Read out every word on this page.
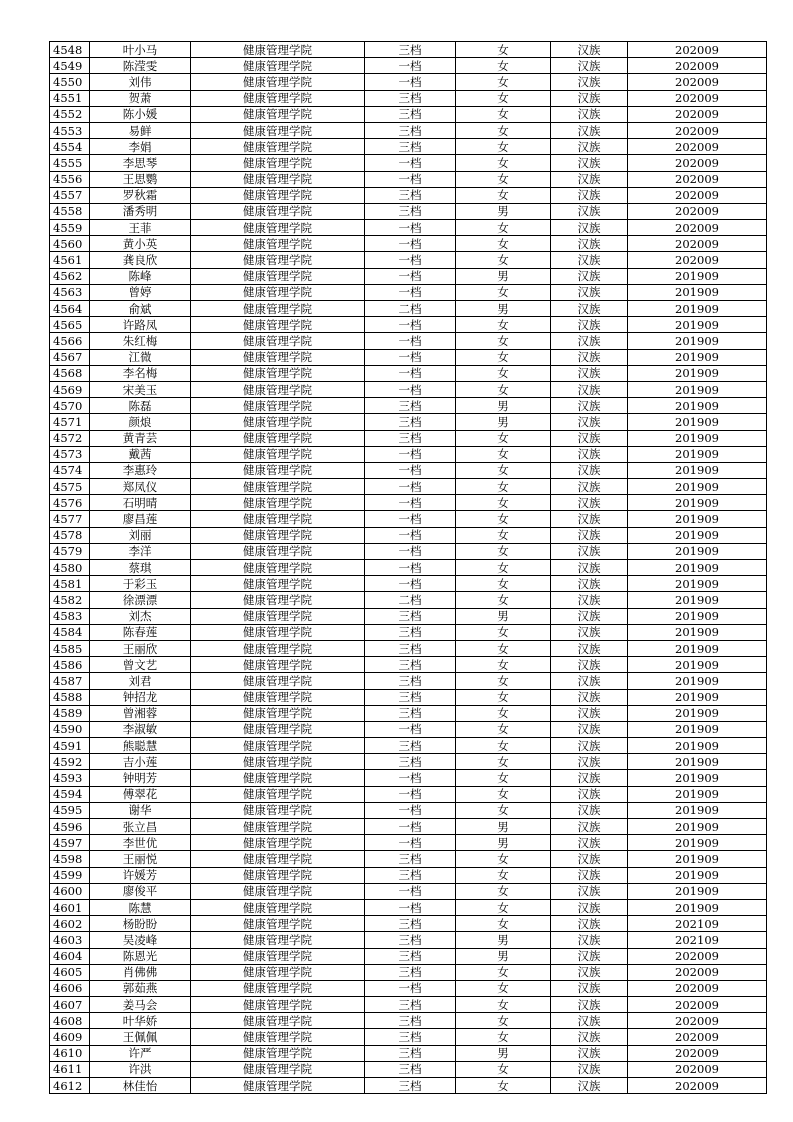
4548	叶小马	健康管理学院	三档	女	汉族	202009
4549	陈滢雯	健康管理学院	一档	女	汉族	202009
4550	刘伟	健康管理学院	一档	女	汉族	202009
4551	贺萧	健康管理学院	三档	女	汉族	202009
4552	陈小媛	健康管理学院	三档	女	汉族	202009
4553	易鲜	健康管理学院	三档	女	汉族	202009
4554	李娟	健康管理学院	三档	女	汉族	202009
4555	李思琴	健康管理学院	一档	女	汉族	202009
4556	王思鹦	健康管理学院	一档	女	汉族	202009
4557	罗秋霜	健康管理学院	三档	女	汉族	202009
4558	潘秀明	健康管理学院	三档	男	汉族	202009
4559	王菲	健康管理学院	一档	女	汉族	202009
4560	黄小英	健康管理学院	一档	女	汉族	202009
4561	龚良欣	健康管理学院	一档	女	汉族	202009
4562	陈峰	健康管理学院	一档	男	汉族	201909
4563	曾婷	健康管理学院	一档	女	汉族	201909
4564	俞斌	健康管理学院	二档	男	汉族	201909
4565	许路凤	健康管理学院	一档	女	汉族	201909
4566	朱红梅	健康管理学院	一档	女	汉族	201909
4567	江微	健康管理学院	一档	女	汉族	201909
4568	李名梅	健康管理学院	一档	女	汉族	201909
4569	宋美玉	健康管理学院	一档	女	汉族	201909
4570	陈磊	健康管理学院	三档	男	汉族	201909
4571	颜烺	健康管理学院	三档	男	汉族	201909
4572	黄青芸	健康管理学院	三档	女	汉族	201909
4573	戴茜	健康管理学院	一档	女	汉族	201909
4574	李惠玲	健康管理学院	一档	女	汉族	201909
4575	郑凤仪	健康管理学院	一档	女	汉族	201909
4576	石明晴	健康管理学院	一档	女	汉族	201909
4577	廖昌莲	健康管理学院	一档	女	汉族	201909
4578	刘丽	健康管理学院	一档	女	汉族	201909
4579	李洋	健康管理学院	一档	女	汉族	201909
4580	蔡琪	健康管理学院	一档	女	汉族	201909
4581	于彩玉	健康管理学院	一档	女	汉族	201909
4582	徐漂漂	健康管理学院	二档	女	汉族	201909
4583	刘杰	健康管理学院	三档	男	汉族	201909
4584	陈春莲	健康管理学院	三档	女	汉族	201909
4585	王丽欣	健康管理学院	三档	女	汉族	201909
4586	曾文艺	健康管理学院	三档	女	汉族	201909
4587	刘君	健康管理学院	三档	女	汉族	201909
4588	钟招龙	健康管理学院	三档	女	汉族	201909
4589	曾湘蓉	健康管理学院	三档	女	汉族	201909
4590	李淑敏	健康管理学院	一档	女	汉族	201909
4591	熊聪慧	健康管理学院	三档	女	汉族	201909
4592	吉小莲	健康管理学院	三档	女	汉族	201909
4593	钟明芳	健康管理学院	一档	女	汉族	201909
4594	傅翠花	健康管理学院	一档	女	汉族	201909
4595	谢华	健康管理学院	一档	女	汉族	201909
4596	张立昌	健康管理学院	一档	男	汉族	201909
4597	李世优	健康管理学院	一档	男	汉族	201909
4598	王丽悦	健康管理学院	三档	女	汉族	201909
4599	许媛芳	健康管理学院	三档	女	汉族	201909
4600	廖俊平	健康管理学院	一档	女	汉族	201909
4601	陈慧	健康管理学院	一档	女	汉族	201909
4602	杨盼盼	健康管理学院	三档	女	汉族	202109
4603	吴凌峰	健康管理学院	三档	男	汉族	202109
4604	陈恩光	健康管理学院	三档	男	汉族	202009
4605	肖佛佛	健康管理学院	三档	女	汉族	202009
4606	郭茹燕	健康管理学院	一档	女	汉族	202009
4607	姜马会	健康管理学院	三档	女	汉族	202009
4608	叶华娇	健康管理学院	三档	女	汉族	202009
4609	王佩佩	健康管理学院	三档	女	汉族	202009
4610	许严	健康管理学院	三档	男	汉族	202009
4611	许洪	健康管理学院	三档	女	汉族	202009
4612	林佳怡	健康管理学院	三档	女	汉族	202009
